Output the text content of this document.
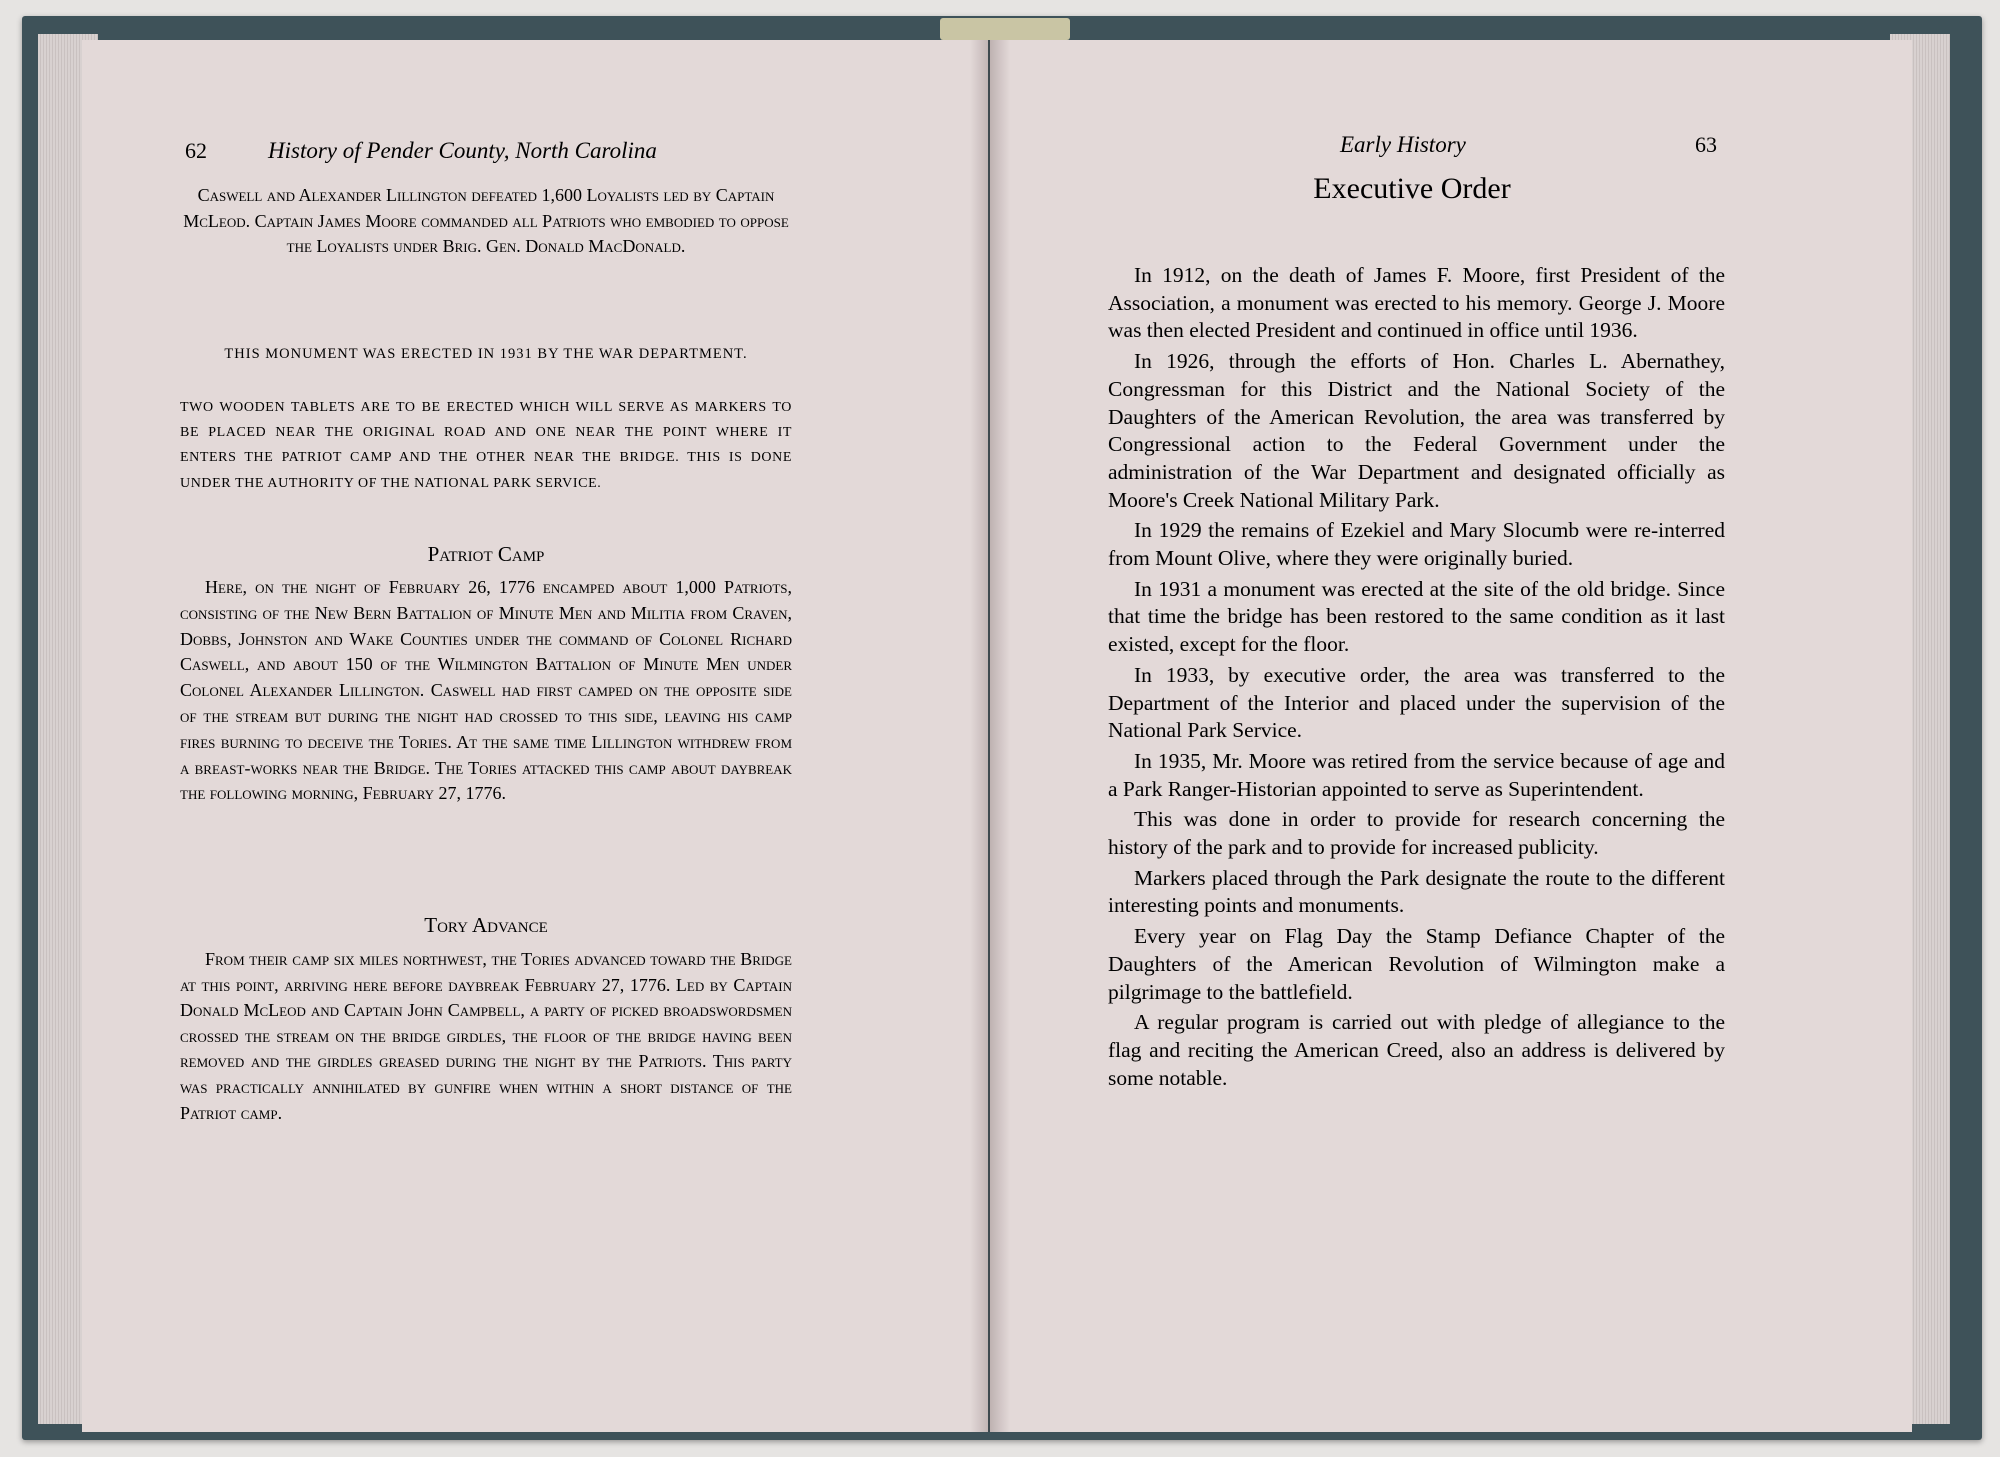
62	History of Pender County, North Carolina
Caswell and Alexander Lillington defeated 1,600 Loyalists led by Captain McLeod. Captain James Moore commanded all Patriots who embodied to oppose the Loyalists under Brig. Gen. Donald MacDonald.
THIS MONUMENT WAS ERECTED IN 1931 BY THE WAR DEPARTMENT.
TWO WOODEN TABLETS ARE TO BE ERECTED WHICH WILL SERVE AS MARKERS TO BE PLACED NEAR THE ORIGINAL ROAD AND ONE NEAR THE POINT WHERE IT ENTERS THE PATRIOT CAMP AND THE OTHER NEAR THE BRIDGE. THIS IS DONE UNDER THE AUTHORITY OF THE NATIONAL PARK SERVICE.
Patriot Camp
Here, on the night of February 26, 1776 encamped about 1,000 Patriots, consisting of the New Bern Battalion of Minute Men and Militia from Craven, Dobbs, Johnston and Wake Counties under the command of Colonel Richard Caswell, and about 150 of the Wilmington Battalion of Minute Men under Colonel Alexander Lillington. Caswell had first camped on the opposite side of the stream but during the night had crossed to this side, leaving his camp fires burning to deceive the Tories. At the same time Lillington withdrew from a breast-works near the Bridge. The Tories attacked this camp about daybreak the following morning, February 27, 1776.
Tory Advance
From their camp six miles northwest, the Tories advanced toward the Bridge at this point, arriving here before daybreak February 27, 1776. Led by Captain Donald McLeod and Captain John Campbell, a party of picked broadswordsmen crossed the stream on the bridge girdles, the floor of the bridge having been removed and the girdles greased during the night by the Patriots. This party was practically annihilated by gunfire when within a short distance of the Patriot camp.
Early History	63
Executive Order

In 1912, on the death of James F. Moore, first President of the Association, a monument was erected to his memory. George J. Moore was then elected President and continued in office until 1936.

In 1926, through the efforts of Hon. Charles L. Abernathey, Congressman for this District and the National Society of the Daughters of the American Revolution, the area was transferred by Congressional action to the Federal Government under the administration of the War Department and designated officially as Moore's Creek National Military Park.

In 1929 the remains of Ezekiel and Mary Slocumb were re-interred from Mount Olive, where they were originally buried.

In 1931 a monument was erected at the site of the old bridge. Since that time the bridge has been restored to the same condition as it last existed, except for the floor.

In 1933, by executive order, the area was transferred to the Department of the Interior and placed under the supervision of the National Park Service.

In 1935, Mr. Moore was retired from the service because of age and a Park Ranger-Historian appointed to serve as Superintendent.

This was done in order to provide for research concerning the history of the park and to provide for increased publicity.

Markers placed through the Park designate the route to the different interesting points and monuments.

Every year on Flag Day the Stamp Defiance Chapter of the Daughters of the American Revolution of Wilmington make a pilgrimage to the battlefield.

A regular program is carried out with pledge of allegiance to the flag and reciting the American Creed, also an address is delivered by some notable.
